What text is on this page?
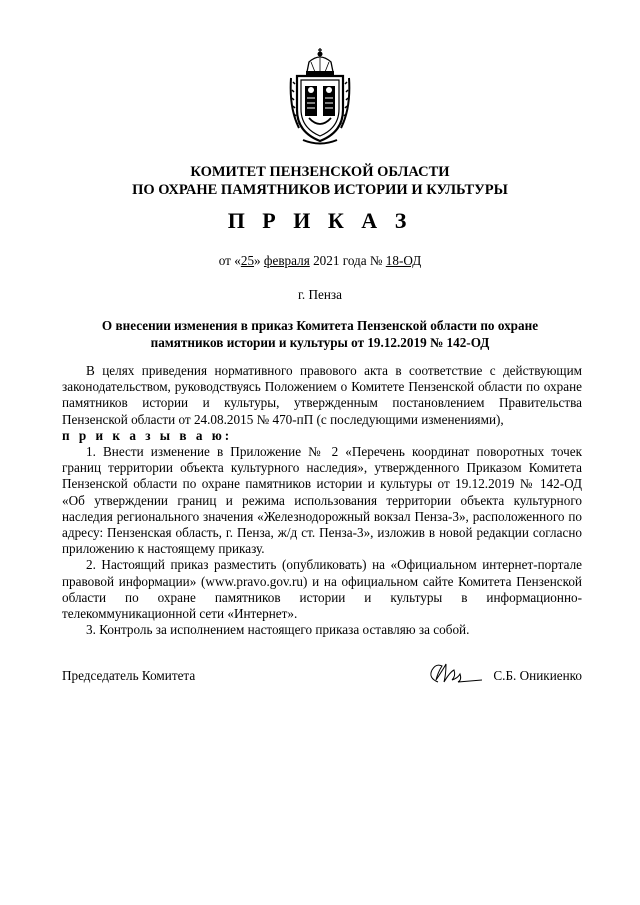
КОМИТЕТ ПЕНЗЕНСКОЙ ОБЛАСТИ
ПО ОХРАНЕ ПАМЯТНИКОВ ИСТОРИИ И КУЛЬТУРЫ
П Р И К А З
от «25» февраля 2021 года № 18-ОД
г. Пенза
О внесении изменения в приказ Комитета Пензенской области по охране
памятников истории и культуры от 19.12.2019 № 142-ОД

В целях приведения нормативного правового акта в соответствие с действующим законодательством, руководствуясь Положением о Комитете Пензенской области по охране памятников истории и культуры, утвержденным постановлением Правительства Пензенской области от 24.08.2015 № 470-пП (с последующими изменениями),

п р и к а з ы в а ю:

1. Внести изменение в Приложение № 2 «Перечень координат поворотных точек границ территории объекта культурного наследия», утвержденного Приказом Комитета Пензенской области по охране памятников истории и культуры от 19.12.2019 № 142-ОД «Об утверждении границ и режима использования территории объекта культурного наследия регионального значения «Железнодорожный вокзал Пенза-3», расположенного по адресу: Пензенская область, г. Пенза, ж/д ст. Пенза-3», изложив в новой редакции согласно приложению к настоящему приказу.

2. Настоящий приказ разместить (опубликовать) на «Официальном интернет-портале правовой информации» (www.pravo.gov.ru) и на официальном сайте Комитета Пензенской области по охране памятников истории и культуры в информационно-телекоммуникационной сети «Интернет».

3. Контроль за исполнением настоящего приказа оставляю за собой.

Председатель Комитета	С.Б. Оникиенко
